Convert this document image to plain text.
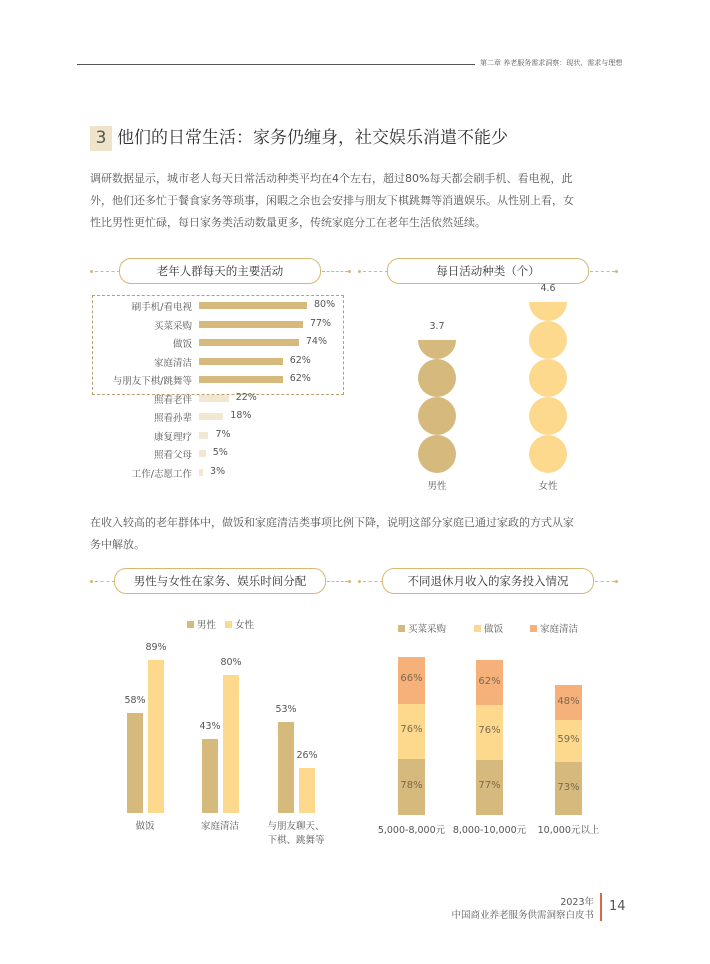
第二章 养老服务需求洞察：现状、需求与理想
3 他们的日常生活：家务仍缠身，社交娱乐消遣不能少
调研数据显示，城市老人每天日常活动种类平均在4个左右，超过80%每天都会刷手机、看电视，此
外，他们还多忙于餐食家务等琐事，闲暇之余也会安排与朋友下棋跳舞等消遣娱乐。从性别上看，女
性比男性更忙碌，每日家务类活动数量更多，传统家庭分工在老年生活依然延续。
老年人群每天的主要活动
刷手机/看电视	80%
买菜采购	77%
做饭	74%
家庭清洁	62%
与朋友下棋/跳舞等	62%
照看老伴	22%
照看孙辈	18%
康复理疗 7%
照看父母 5%
工作/志愿工作 3%
每日活动种类（个）
3.7
男性
4.6
女性
在收入较高的老年群体中，做饭和家庭清洁类事项比例下降，说明这部分家庭已通过家政的方式从家
务中解放。
男性与女性在家务、娱乐时间分配
男性 女性
58%
89%
做饭
43%
80%
家庭清洁
53%
26%
与朋友聊天、
下棋、跳舞等
不同退休月收入的家务投入情况
买菜采购	做饭	家庭清洁
78%
76%
66%
5,000-8,000元
77%
76%
62%
8,000-10,000元
73%
59%
48%
10,000元以上
2023年
中国商业养老服务供需洞察白皮书
14
